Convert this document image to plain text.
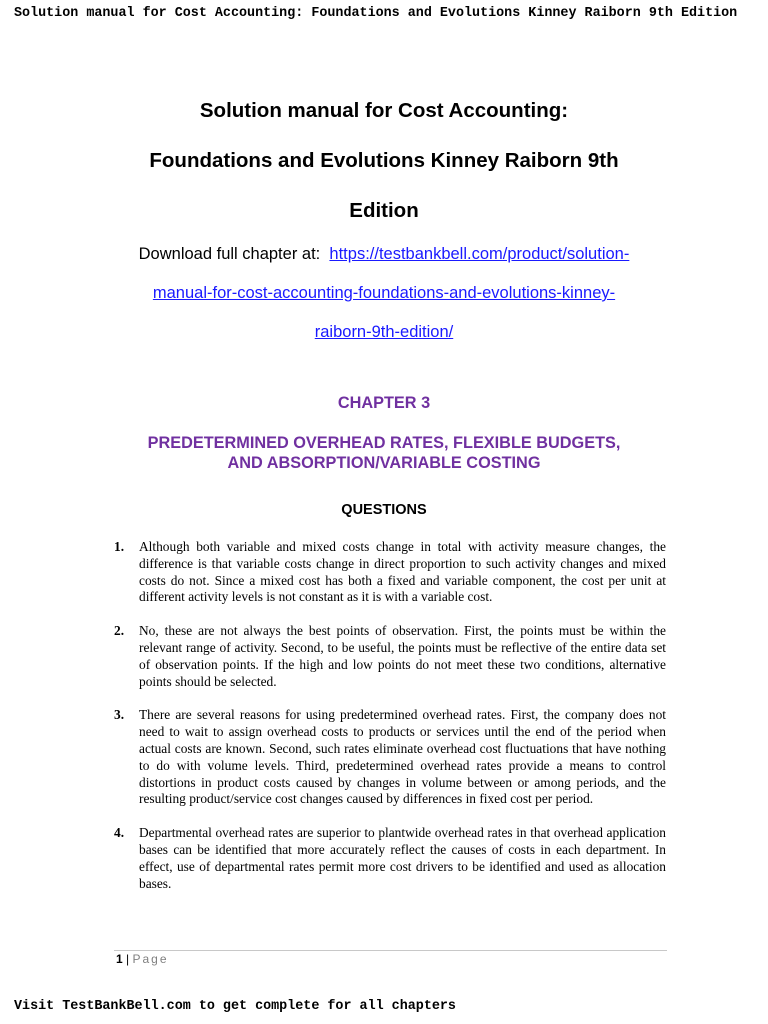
Solution manual for Cost Accounting: Foundations and Evolutions Kinney Raiborn 9th Edition
Solution manual for Cost Accounting:
Foundations and Evolutions Kinney Raiborn 9th
Edition
Download full chapter at: https://testbankbell.com/product/solution-
manual-for-cost-accounting-foundations-and-evolutions-kinney-
raiborn-9th-edition/
CHAPTER 3
PREDETERMINED OVERHEAD RATES, FLEXIBLE BUDGETS,
AND ABSORPTION/VARIABLE COSTING
QUESTIONS
1.	Although both variable and mixed costs change in total with activity measure changes, the difference is that variable costs change in direct proportion to such activity changes and mixed costs do not. Since a mixed cost has both a fixed and variable component, the cost per unit at different activity levels is not constant as it is with a variable cost.
2.	No, these are not always the best points of observation. First, the points must be within the relevant range of activity. Second, to be useful, the points must be reflective of the entire data set of observation points. If the high and low points do not meet these two conditions, alternative points should be selected.
3.	There are several reasons for using predetermined overhead rates. First, the company does not need to wait to assign overhead costs to products or services until the end of the period when actual costs are known. Second, such rates eliminate overhead cost fluctuations that have nothing to do with volume levels. Third, predetermined overhead rates provide a means to control distortions in product costs caused by changes in volume between or among periods, and the resulting product/service cost changes caused by differences in fixed cost per period.
4.	Departmental overhead rates are superior to plantwide overhead rates in that overhead application bases can be identified that more accurately reflect the causes of costs in each department. In effect, use of departmental rates permit more cost drivers to be identified and used as allocation bases.
1 | Page
Visit TestBankBell.com to get complete for all chapters
